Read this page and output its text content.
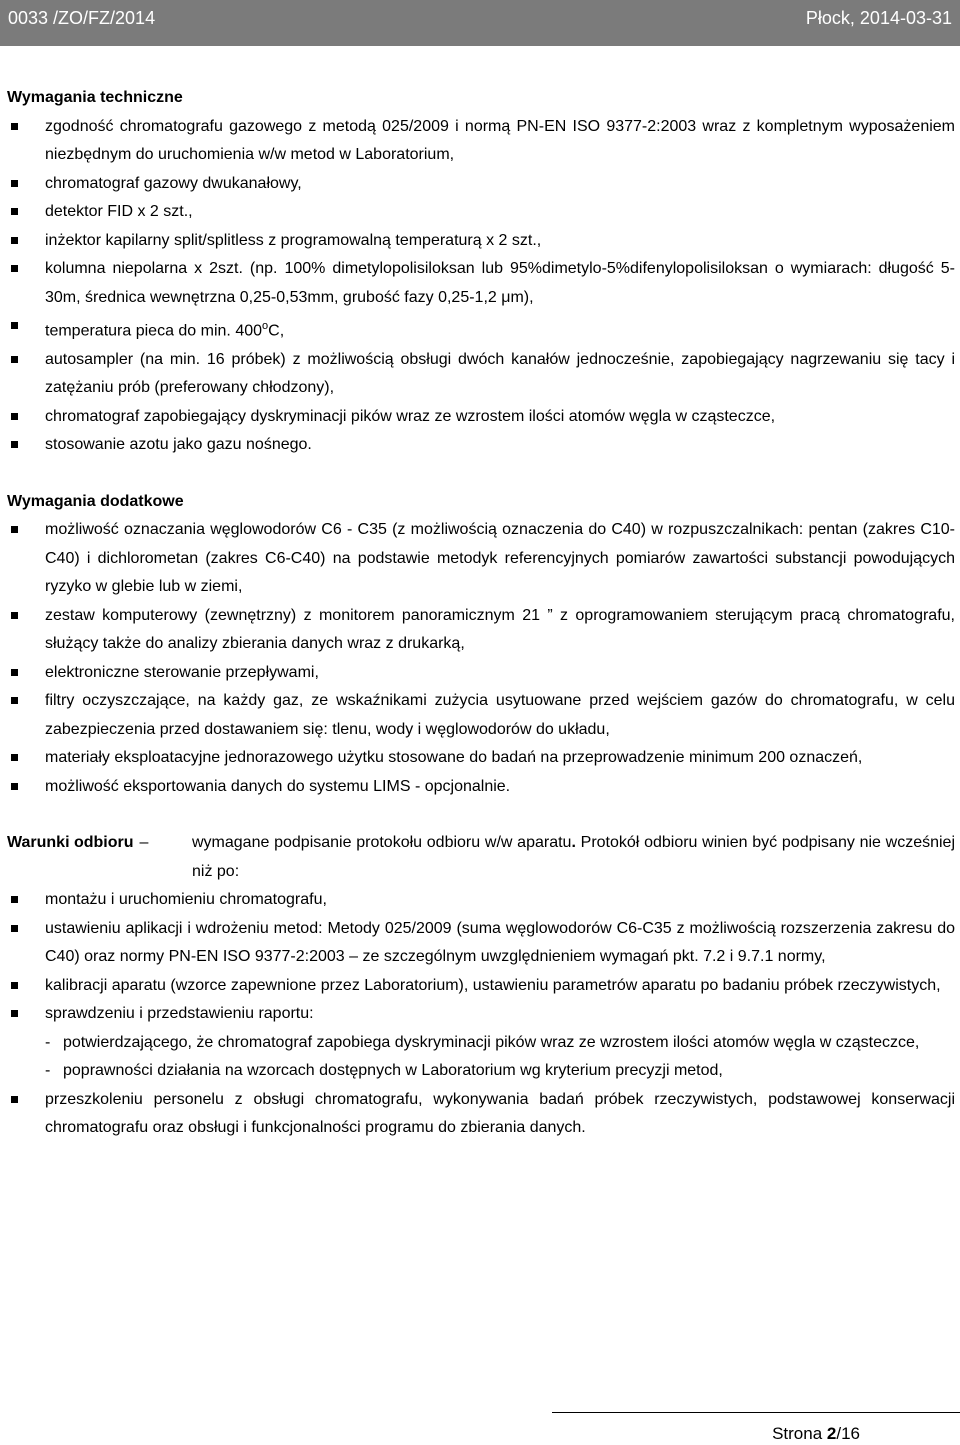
0033 /ZO/FZ/2014	Płock, 2014-03-31
Wymagania techniczne
zgodność chromatografu gazowego z metodą 025/2009 i normą PN-EN ISO 9377-2:2003 wraz z kompletnym wyposażeniem niezbędnym do uruchomienia w/w metod w Laboratorium,
chromatograf gazowy dwukanałowy,
detektor FID x 2 szt.,
inżektor kapilarny split/splitless z programowalną temperaturą x 2 szt.,
kolumna niepolarna x 2szt. (np. 100% dimetylopolisiloksan lub 95%dimetylo-5%difenylopolisiloksan o wymiarach: długość 5-30m, średnica wewnętrzna 0,25-0,53mm, grubość fazy 0,25-1,2 μm),
temperatura pieca do min. 400$^o$C,
autosampler (na min. 16 próbek) z możliwością obsługi dwóch kanałów jednocześnie, zapobiegający nagrzewaniu się tacy i zatężaniu prób (preferowany chłodzony),
chromatograf zapobiegający dyskryminacji pików wraz ze wzrostem ilości atomów węgla w cząsteczce,
stosowanie azotu jako gazu nośnego.
Wymagania dodatkowe
możliwość oznaczania węglowodorów C6 - C35 (z możliwością oznaczenia do C40) w rozpuszczalnikach: pentan (zakres C10-C40) i dichlorometan (zakres C6-C40) na podstawie metodyk referencyjnych pomiarów zawartości substancji powodujących ryzyko w glebie lub w ziemi,
zestaw komputerowy (zewnętrzny) z monitorem panoramicznym 21 ” z oprogramowaniem sterującym pracą chromatografu, służący także do analizy zbierania danych wraz z drukarką,
elektroniczne sterowanie przepływami,
filtry oczyszczające, na każdy gaz, ze wskaźnikami zużycia usytuowane przed wejściem gazów do chromatografu, w celu zabezpieczenia przed dostawaniem się: tlenu, wody i węglowodorów do układu,
materiały eksploatacyjne jednorazowego użytku stosowane do badań na przeprowadzenie minimum 200 oznaczeń,
możliwość eksportowania danych do systemu LIMS - opcjonalnie.
Warunki odbioru –	wymagane podpisanie protokołu odbioru w/w aparatu. Protokół odbioru winien być podpisany nie wcześniej niż po:
montażu i uruchomieniu chromatografu,
ustawieniu aplikacji i wdrożeniu metod: Metody 025/2009 (suma węglowodorów C6-C35 z możliwością rozszerzenia zakresu do C40) oraz normy PN-EN ISO 9377-2:2003 – ze szczególnym uwzględnieniem wymagań pkt. 7.2 i 9.7.1 normy,
kalibracji aparatu (wzorce zapewnione przez Laboratorium), ustawieniu parametrów aparatu po badaniu próbek rzeczywistych,
sprawdzeniu i przedstawieniu raportu:
- potwierdzającego, że chromatograf zapobiega dyskryminacji pików wraz ze wzrostem ilości atomów węgla w cząsteczce,
- poprawności działania na wzorcach dostępnych w Laboratorium wg kryterium precyzji metod,
przeszkoleniu personelu z obsługi chromatografu, wykonywania badań próbek rzeczywistych, podstawowej konserwacji chromatografu oraz obsługi i funkcjonalności programu do zbierania danych.
Strona 2/16
